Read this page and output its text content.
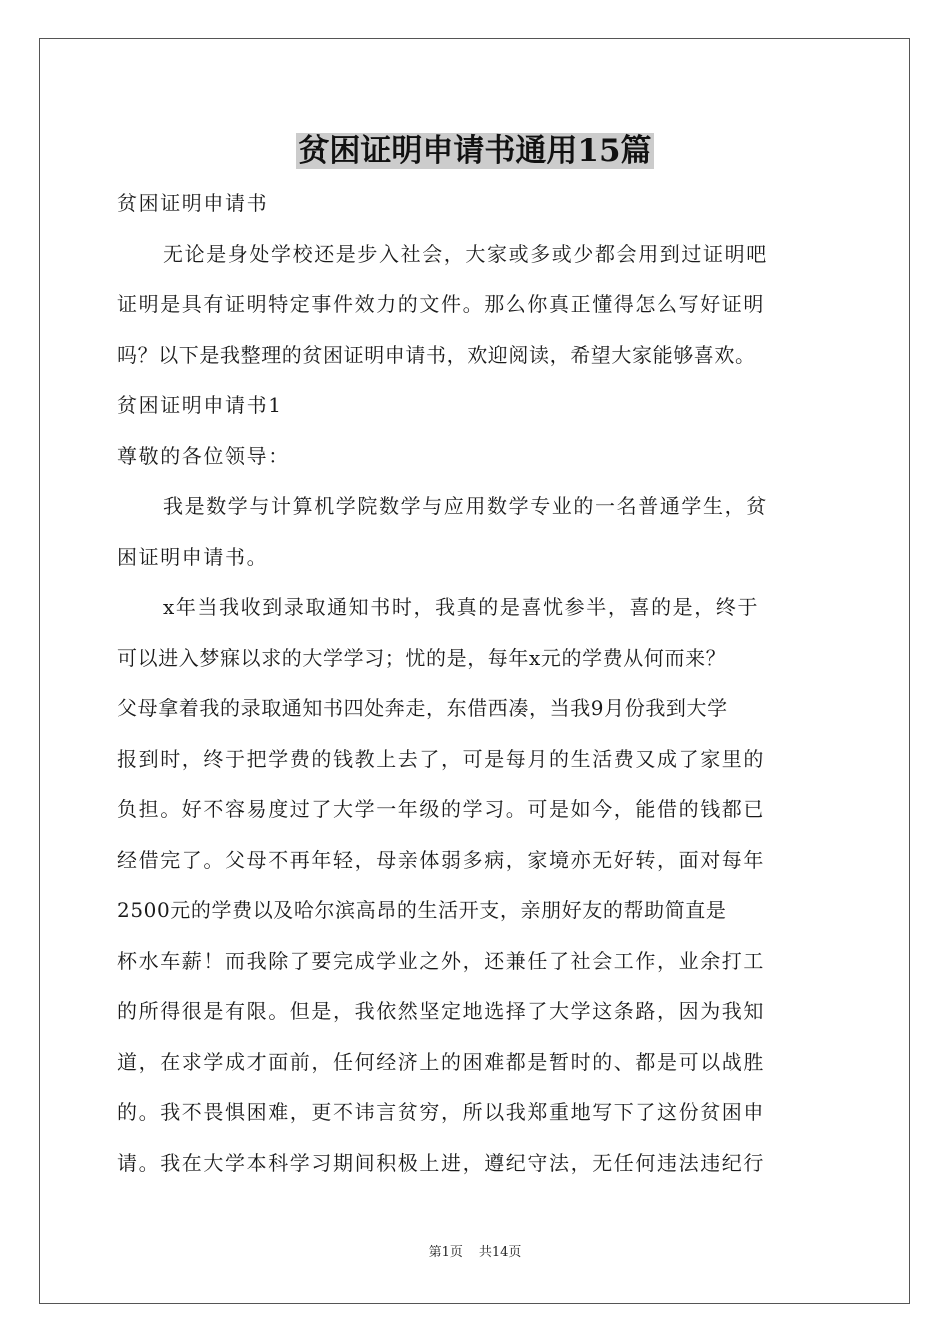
贫困证明申请书通用15篇
贫困证明申请书
无论是身处学校还是步入社会，大家或多或少都会用到过证明吧
证明是具有证明特定事件效力的文件。那么你真正懂得怎么写好证明
吗？以下是我整理的贫困证明申请书，欢迎阅读，希望大家能够喜欢。
贫困证明申请书1
尊敬的各位领导：
我是数学与计算机学院数学与应用数学专业的一名普通学生，贫
困证明申请书。
x年当我收到录取通知书时，我真的是喜忧参半，喜的是，终于
可以进入梦寐以求的大学学习；忧的是，每年x元的学费从何而来？
父母拿着我的录取通知书四处奔走，东借西凑，当我9月份我到大学
报到时，终于把学费的钱教上去了，可是每月的生活费又成了家里的
负担。好不容易度过了大学一年级的学习。可是如今，能借的钱都已
经借完了。父母不再年轻，母亲体弱多病，家境亦无好转，面对每年
2500元的学费以及哈尔滨高昂的生活开支，亲朋好友的帮助简直是
杯水车薪！而我除了要完成学业之外，还兼任了社会工作，业余打工
的所得很是有限。但是，我依然坚定地选择了大学这条路，因为我知
道，在求学成才面前，任何经济上的困难都是暂时的、都是可以战胜
的。我不畏惧困难，更不讳言贫穷，所以我郑重地写下了这份贫困申
请。我在大学本科学习期间积极上进，遵纪守法，无任何违法违纪行
第1页 共14页
